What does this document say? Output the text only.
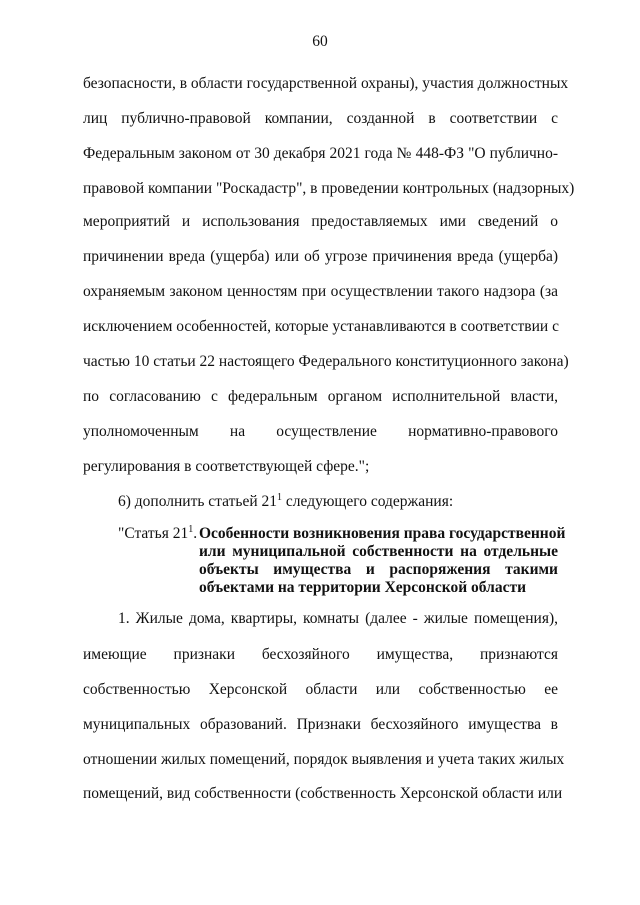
60
безопасности, в области государственной охраны), участия должностных
лиц публично-правовой компании, созданной в соответствии с
Федеральным законом от 30 декабря 2021 года № 448-ФЗ "О публично-
правовой компании "Роскадастр", в проведении контрольных (надзорных)
мероприятий и использования предоставляемых ими сведений о
причинении вреда (ущерба) или об угрозе причинения вреда (ущерба)
охраняемым законом ценностям при осуществлении такого надзора (за
исключением особенностей, которые устанавливаются в соответствии с
частью 10 статьи 22 настоящего Федерального конституционного закона)
по согласованию с федеральным органом исполнительной власти,
уполномоченным на осуществление нормативно-правового
регулирования в соответствующей сфере.";
6) дополнить статьей $21^1$ следующего содержания:
"Статья $21^1$. Особенности возникновения права государственной
или муниципальной собственности на отдельные
объекты имущества и распоряжения такими
объектами на территории Херсонской области
1. Жилые дома, квартиры, комнаты (далее - жилые помещения),
имеющие признаки бесхозяйного имущества, признаются
собственностью Херсонской области или собственностью ее
муниципальных образований. Признаки бесхозяйного имущества в
отношении жилых помещений, порядок выявления и учета таких жилых
помещений, вид собственности (собственность Херсонской области или
